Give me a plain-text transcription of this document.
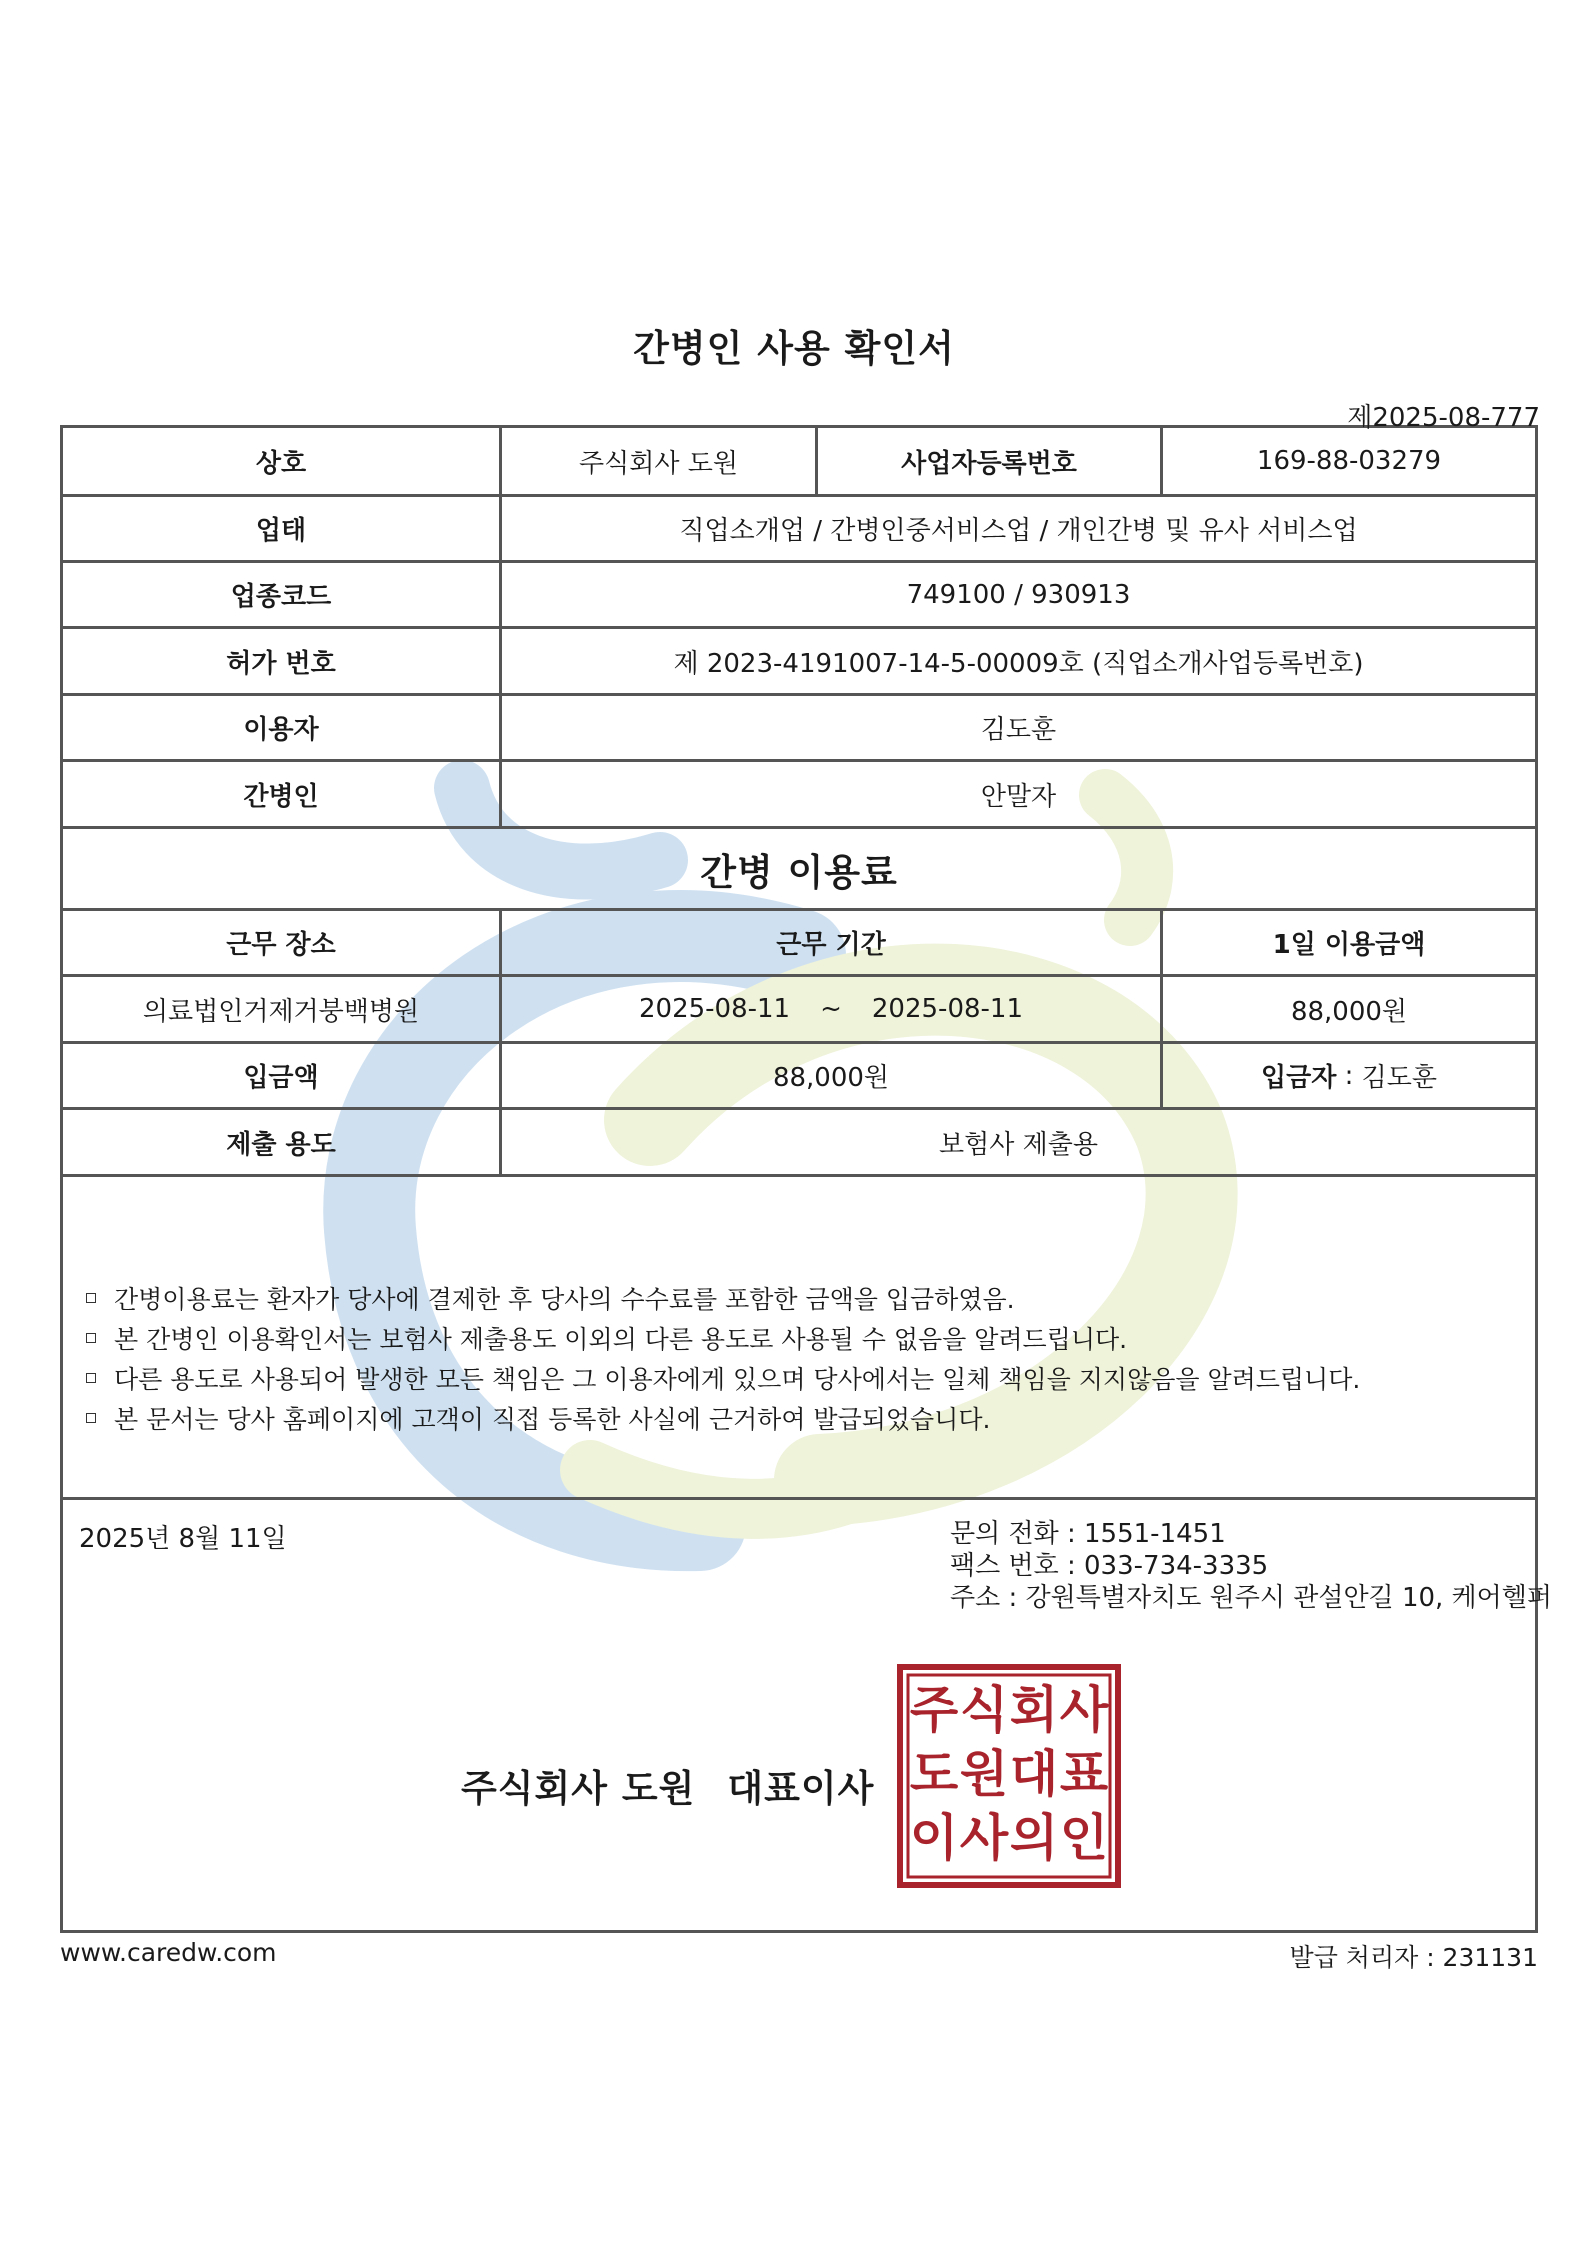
간병인 사용 확인서
제2025-08-777
상호	주식회사 도원	사업자등록번호	169-88-03279
업태	직업소개업 / 간병인중서비스업 / 개인간병 및 유사 서비스업
업종코드	749100 / 930913
허가 번호	제 2023-4191007-14-5-00009호 (직업소개사업등록번호)
이용자	김도훈
간병인	안말자
간병 이용료
근무 장소	근무 기간	1일 이용금액
의료법인거제거붕백병원	2025-08-11 ~ 2025-08-11	88,000원
입금액	88,000원	입금자 : 김도훈
제출 용도	보험사 제출용
간병이용료는 환자가 당사에 결제한 후 당사의 수수료를 포함한 금액을 입금하였음.
본 간병인 이용확인서는 보험사 제출용도 이외의 다른 용도로 사용될 수 없음을 알려드립니다.
다른 용도로 사용되어 발생한 모든 책임은 그 이용자에게 있으며 당사에서는 일체 책임을 지지않음을 알려드립니다.
본 문서는 당사 홈페이지에 고객이 직접 등록한 사실에 근거하여 발급되었습니다.
2025년 8월 11일	문의 전화 : 1551-1451
팩스 번호 : 033-734-3335
주소 : 강원특별자치도 원주시 관설안길 10, 케어헬퍼
주식회사 도원 대표이사
주 식 회 사
도 원 대 표
이 사 의 인
www.caredw.com	발급 처리자 : 231131
